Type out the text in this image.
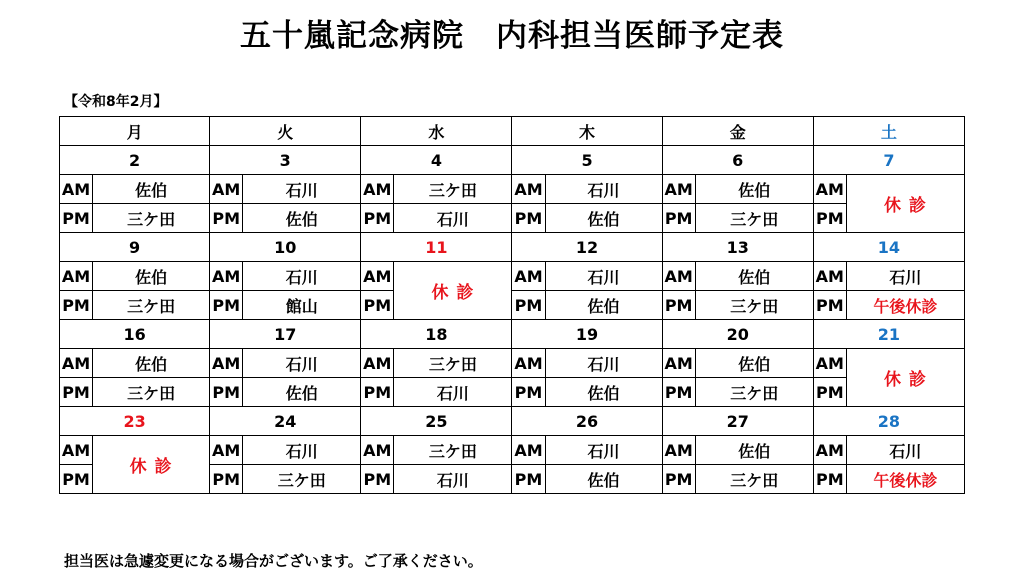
五十嵐記念病院　内科担当医師予定表
【令和8年2月】
月		火		水		木		金		土	
2		3		4		5		6		7	
AM	佐伯	AM	石川	AM	三ケ田	AM	石川	AM	佐伯	AM	休 診
PM	三ケ田	PM	佐伯	PM	石川	PM	佐伯	PM	三ケ田	PM	
9		10		11		12		13		14	
AM	佐伯	AM	石川	AM	休 診	AM	石川	AM	佐伯	AM	石川
PM	三ケ田	PM	館山	PM		PM	佐伯	PM	三ケ田	PM	午後休診
16		17		18		19		20		21	
AM	佐伯	AM	石川	AM	三ケ田	AM	石川	AM	佐伯	AM	休 診
PM	三ケ田	PM	佐伯	PM	石川	PM	佐伯	PM	三ケ田	PM	
23		24		25		26		27		28	
AM	休 診	AM	石川	AM	三ケ田	AM	石川	AM	佐伯	AM	石川
PM		PM	三ケ田	PM	石川	PM	佐伯	PM	三ケ田	PM	午後休診
担当医は急遽変更になる場合がございます。ご了承ください。
